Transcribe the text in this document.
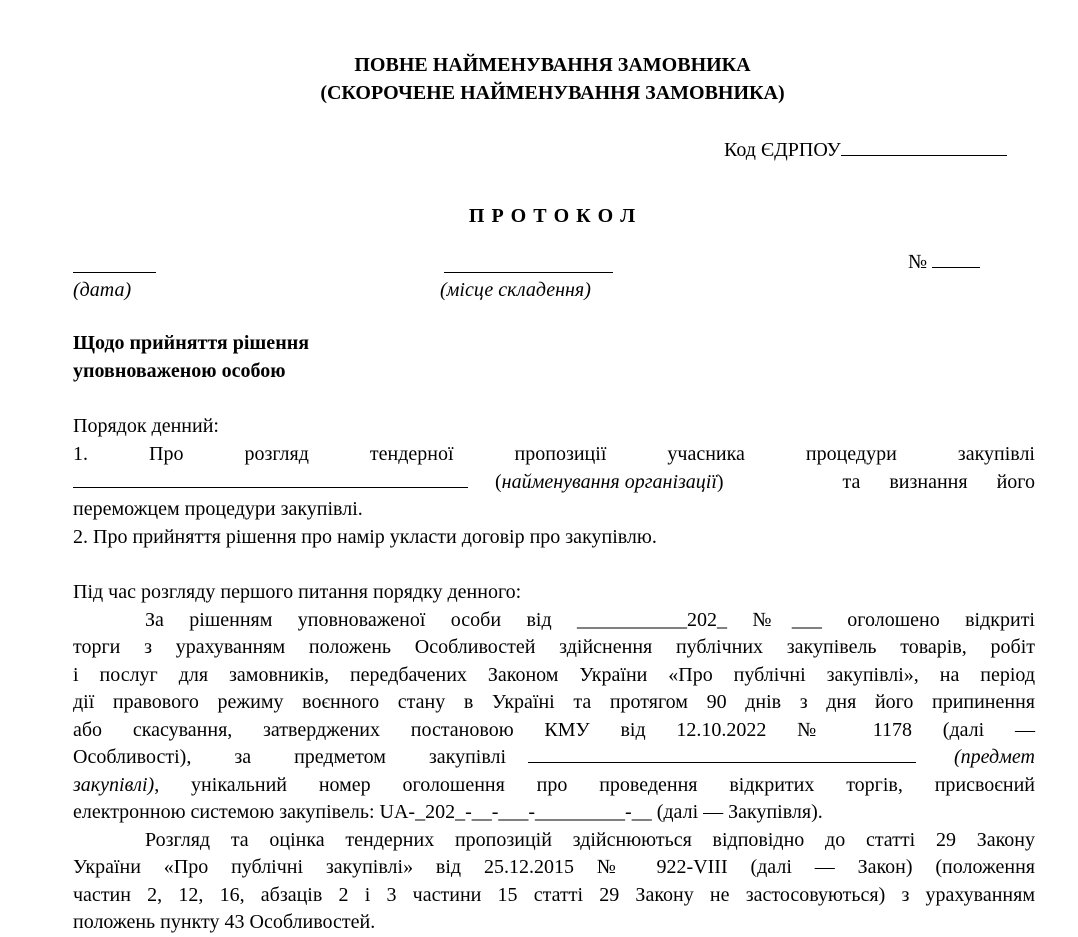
ПОВНЕ НАЙМЕНУВАННЯ ЗАМОВНИКА
(СКОРОЧЕНЕ НАЙМЕНУВАННЯ ЗАМОВНИКА)
Код ЄДРПОУ
П Р О Т О К О Л
№
(дата)	(місце складення)
Щодо прийняття рішення
уповноваженою особою
Порядок денний:
1. Про розгляд тендерної пропозиції учасника процедури закупівлі
(найменування організації)	та визнання його
переможцем процедури закупівлі.
2. Про прийняття рішення про намір укласти договір про закупівлю.
Під час розгляду першого питання порядку денного:
За рішенням уповноваженої особи від ___________202_ №___ оголошено відкриті
торги з урахуванням положень Особливостей здійснення публічних закупівель товарів, робіт
і послуг для замовників, передбачених Законом України «Про публічні закупівлі», на період
дії правового режиму воєнного стану в Україні та протягом 90 днів з дня його припинення
або скасування, затверджених постановою КМУ від 12.10.2022 № 1178 (далі —
Особливості), за предметом закупівлі	(предмет
закупівлі), унікальний номер оголошення про проведення відкритих торгів, присвоєний
електронною системою закупівель: UA-_202_-__-___-_________-__ (далі — Закупівля).
Розгляд та оцінка тендерних пропозицій здійснюються відповідно до статті 29 Закону
України «Про публічні закупівлі» від 25.12.2015 № 922-VIII (далі — Закон) (положення
частин 2, 12, 16, абзаців 2 і 3 частини 15 статті 29 Закону не застосовуються) з урахуванням
положень пункту 43 Особливостей.
